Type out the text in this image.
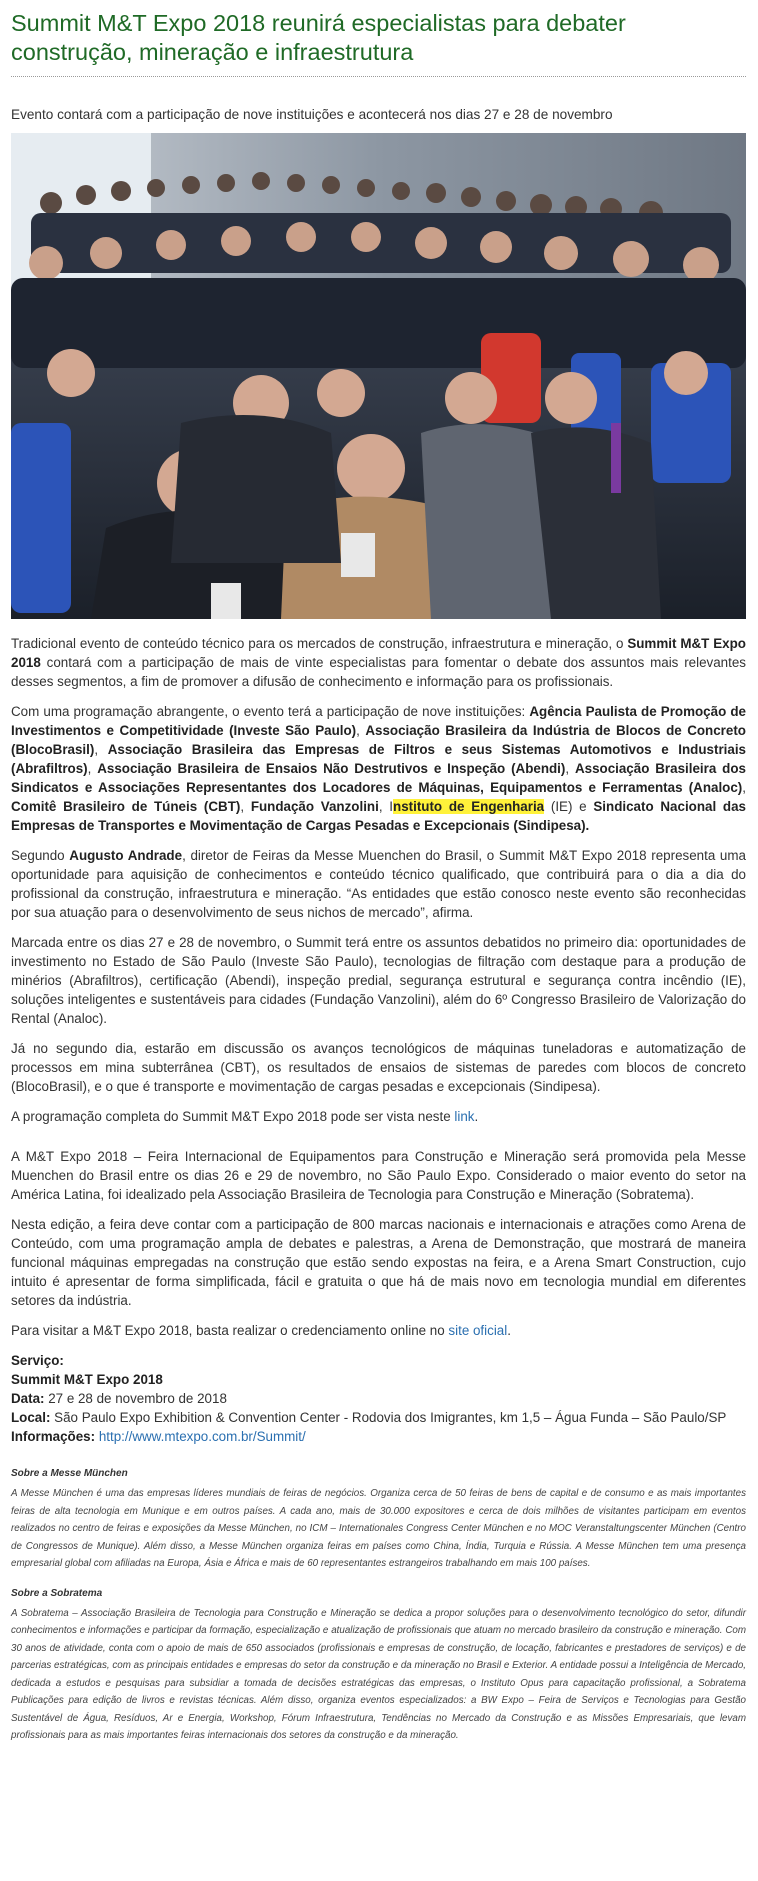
Summit M&T Expo 2018 reunirá especialistas para debater construção, mineração e infraestrutura

Evento contará com a participação de nove instituições e acontecerá nos dias 27 e 28 de novembro

Tradicional evento de conteúdo técnico para os mercados de construção, infraestrutura e mineração, o Summit M&T Expo 2018 contará com a participação de mais de vinte especialistas para fomentar o debate dos assuntos mais relevantes desses segmentos, a fim de promover a difusão de conhecimento e informação para os profissionais.

Com uma programação abrangente, o evento terá a participação de nove instituições: Agência Paulista de Promoção de Investimentos e Competitividade (Investe São Paulo), Associação Brasileira da Indústria de Blocos de Concreto (BlocoBrasil), Associação Brasileira das Empresas de Filtros e seus Sistemas Automotivos e Industriais (Abrafiltros), Associação Brasileira de Ensaios Não Destrutivos e Inspeção (Abendi), Associação Brasileira dos Sindicatos e Associações Representantes dos Locadores de Máquinas, Equipamentos e Ferramentas (Analoc), Comitê Brasileiro de Túneis (CBT), Fundação Vanzolini, Instituto de Engenharia (IE) e Sindicato Nacional das Empresas de Transportes e Movimentação de Cargas Pesadas e Excepcionais (Sindipesa).

Segundo Augusto Andrade, diretor de Feiras da Messe Muenchen do Brasil, o Summit M&T Expo 2018 representa uma oportunidade para aquisição de conhecimentos e conteúdo técnico qualificado, que contribuirá para o dia a dia do profissional da construção, infraestrutura e mineração. “As entidades que estão conosco neste evento são reconhecidas por sua atuação para o desenvolvimento de seus nichos de mercado”, afirma.

Marcada entre os dias 27 e 28 de novembro, o Summit terá entre os assuntos debatidos no primeiro dia: oportunidades de investimento no Estado de São Paulo (Investe São Paulo), tecnologias de filtração com destaque para a produção de minérios (Abrafiltros), certificação (Abendi), inspeção predial, segurança estrutural e segurança contra incêndio (IE), soluções inteligentes e sustentáveis para cidades (Fundação Vanzolini), além do 6º Congresso Brasileiro de Valorização do Rental (Analoc).

Já no segundo dia, estarão em discussão os avanços tecnológicos de máquinas tuneladoras e automatização de processos em mina subterrânea (CBT), os resultados de ensaios de sistemas de paredes com blocos de concreto (BlocoBrasil), e o que é transporte e movimentação de cargas pesadas e excepcionais (Sindipesa).

A programação completa do Summit M&T Expo 2018 pode ser vista neste link.

A M&T Expo 2018 – Feira Internacional de Equipamentos para Construção e Mineração será promovida pela Messe Muenchen do Brasil entre os dias 26 e 29 de novembro, no São Paulo Expo. Considerado o maior evento do setor na América Latina, foi idealizado pela Associação Brasileira de Tecnologia para Construção e Mineração (Sobratema).

Nesta edição, a feira deve contar com a participação de 800 marcas nacionais e internacionais e atrações como Arena de Conteúdo, com uma programação ampla de debates e palestras, a Arena de Demonstração, que mostrará de maneira funcional máquinas empregadas na construção que estão sendo expostas na feira, e a Arena Smart Construction, cujo intuito é apresentar de forma simplificada, fácil e gratuita o que há de mais novo em tecnologia mundial em diferentes setores da indústria.

Para visitar a M&T Expo 2018, basta realizar o credenciamento online no site oficial.

Serviço:
Summit M&T Expo 2018
Data: 27 e 28 de novembro de 2018
Local: São Paulo Expo Exhibition & Convention Center - Rodovia dos Imigrantes, km 1,5 – Água Funda – São Paulo/SP
Informações: http://www.mtexpo.com.br/Summit/
Sobre a Messe München

A Messe München é uma das empresas líderes mundiais de feiras de negócios. Organiza cerca de 50 feiras de bens de capital e de consumo e as mais importantes feiras de alta tecnologia em Munique e em outros países. A cada ano, mais de 30.000 expositores e cerca de dois milhões de visitantes participam em eventos realizados no centro de feiras e exposições da Messe München, no ICM – Internationales Congress Center München e no MOC Veranstaltungscenter München (Centro de Congressos de Munique). Além disso, a Messe München organiza feiras em países como China, Índia, Turquia e Rússia. A Messe München tem uma presença empresarial global com afiliadas na Europa, Ásia e África e mais de 60 representantes estrangeiros trabalhando em mais 100 países.

Sobre a Sobratema

A Sobratema – Associação Brasileira de Tecnologia para Construção e Mineração se dedica a propor soluções para o desenvolvimento tecnológico do setor, difundir conhecimentos e informações e participar da formação, especialização e atualização de profissionais que atuam no mercado brasileiro da construção e mineração. Com 30 anos de atividade, conta com o apoio de mais de 650 associados (profissionais e empresas de construção, de locação, fabricantes e prestadores de serviços) e de parcerias estratégicas, com as principais entidades e empresas do setor da construção e da mineração no Brasil e Exterior. A entidade possui a Inteligência de Mercado, dedicada a estudos e pesquisas para subsidiar a tomada de decisões estratégicas das empresas, o Instituto Opus para capacitação profissional, a Sobratema Publicações para edição de livros e revistas técnicas. Além disso, organiza eventos especializados: a BW Expo – Feira de Serviços e Tecnologias para Gestão Sustentável de Água, Resíduos, Ar e Energia, Workshop, Fórum Infraestrutura, Tendências no Mercado da Construção e as Missões Empresariais, que levam profissionais para as mais importantes feiras internacionais dos setores da construção e da mineração.
